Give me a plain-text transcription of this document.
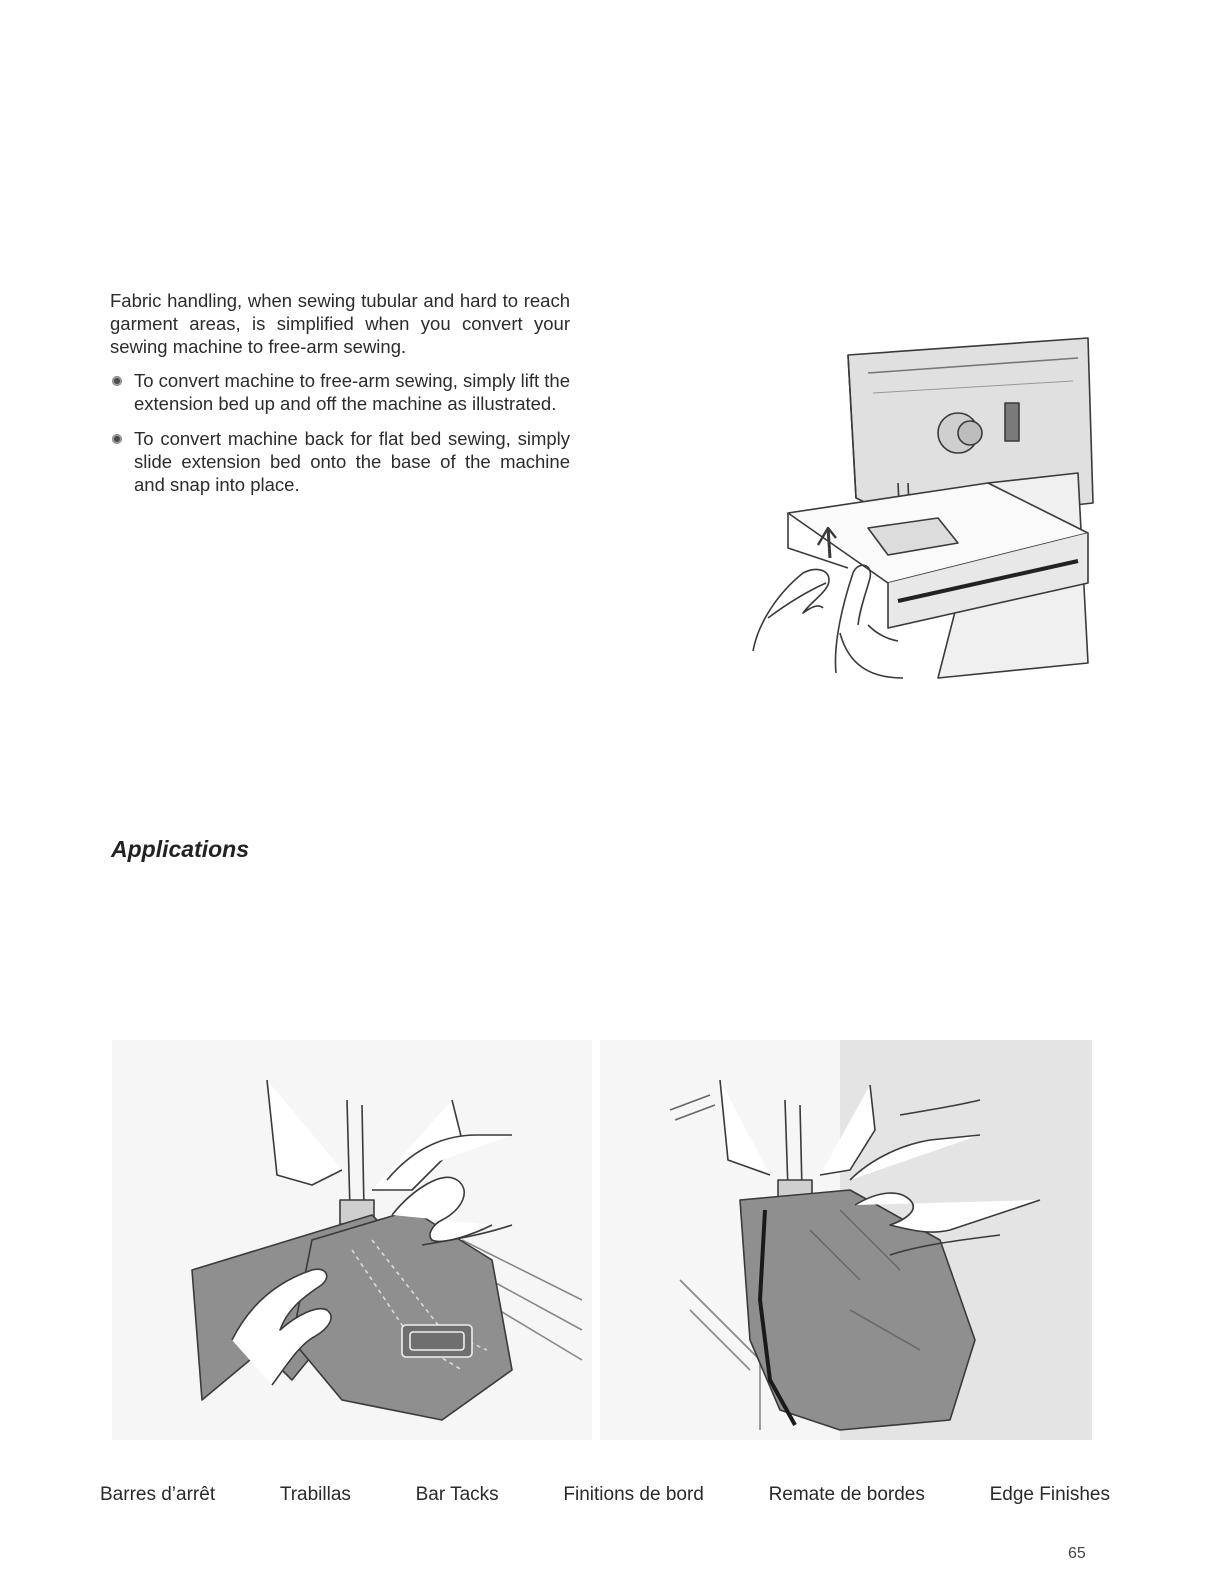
Fabric handling, when sewing tubular and hard to reach garment areas, is simplified when you convert your sewing machine to free-arm sewing.

To convert machine to free-arm sewing, simply lift the extension bed up and off the machine as illustrated.
To convert machine back for flat bed sewing, simply slide extension bed onto the base of the machine and snap into place.
Applications
Barres d’arrêt	Trabillas	Bar Tacks	Finitions de bord	Remate de bordes	Edge Finishes
65
